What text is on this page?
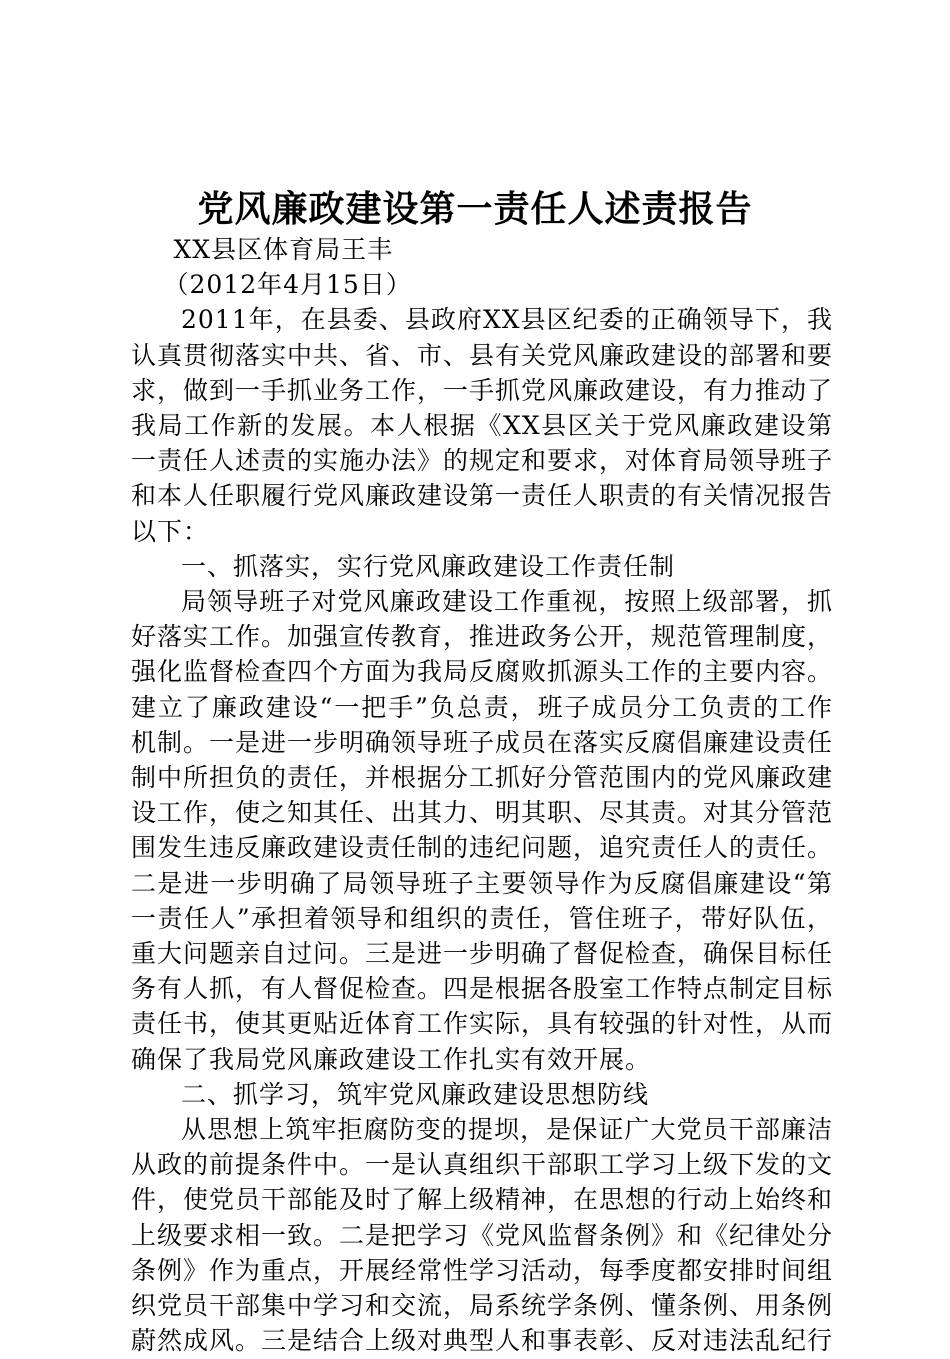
党风廉政建设第一责任人述责报告

XX县区体育局王丰

（2012年4月15日）

2011年，在县委、县政府XX县区纪委的正确领导下，我认真贯彻落实中共、省、市、县有关党风廉政建设的部署和要求，做到一手抓业务工作，一手抓党风廉政建设，有力推动了我局工作新的发展。本人根据《XX县区关于党风廉政建设第一责任人述责的实施办法》的规定和要求，对体育局领导班子和本人任职履行党风廉政建设第一责任人职责的有关情况报告以下：

一、抓落实，实行党风廉政建设工作责任制

局领导班子对党风廉政建设工作重视，按照上级部署，抓好落实工作。加强宣传教育，推进政务公开，规范管理制度，强化监督检查四个方面为我局反腐败抓源头工作的主要内容。建立了廉政建设“一把手”负总责，班子成员分工负责的工作机制。一是进一步明确领导班子成员在落实反腐倡廉建设责任制中所担负的责任，并根据分工抓好分管范围内的党风廉政建设工作，使之知其任、出其力、明其职、尽其责。对其分管范围发生违反廉政建设责任制的违纪问题，追究责任人的责任。二是进一步明确了局领导班子主要领导作为反腐倡廉建设“第一责任人”承担着领导和组织的责任，管住班子，带好队伍，重大问题亲自过问。三是进一步明确了督促检查，确保目标任务有人抓，有人督促检查。四是根据各股室工作特点制定目标责任书，使其更贴近体育工作实际，具有较强的针对性，从而确保了我局党风廉政建设工作扎实有效开展。

二、抓学习，筑牢党风廉政建设思想防线

从思想上筑牢拒腐防变的提坝，是保证广大党员干部廉洁从政的前提条件中。一是认真组织干部职工学习上级下发的文件，使党员干部能及时了解上级精神，在思想的行动上始终和上级要求相一致。二是把学习《党风监督条例》和《纪律处分条例》作为重点，开展经常性学习活动，每季度都安排时间组织党员干部集中学习和交流，局系统学条例、懂条例、用条例蔚然成风。三是结合上级对典型人和事表彰、反对违法乱纪行
